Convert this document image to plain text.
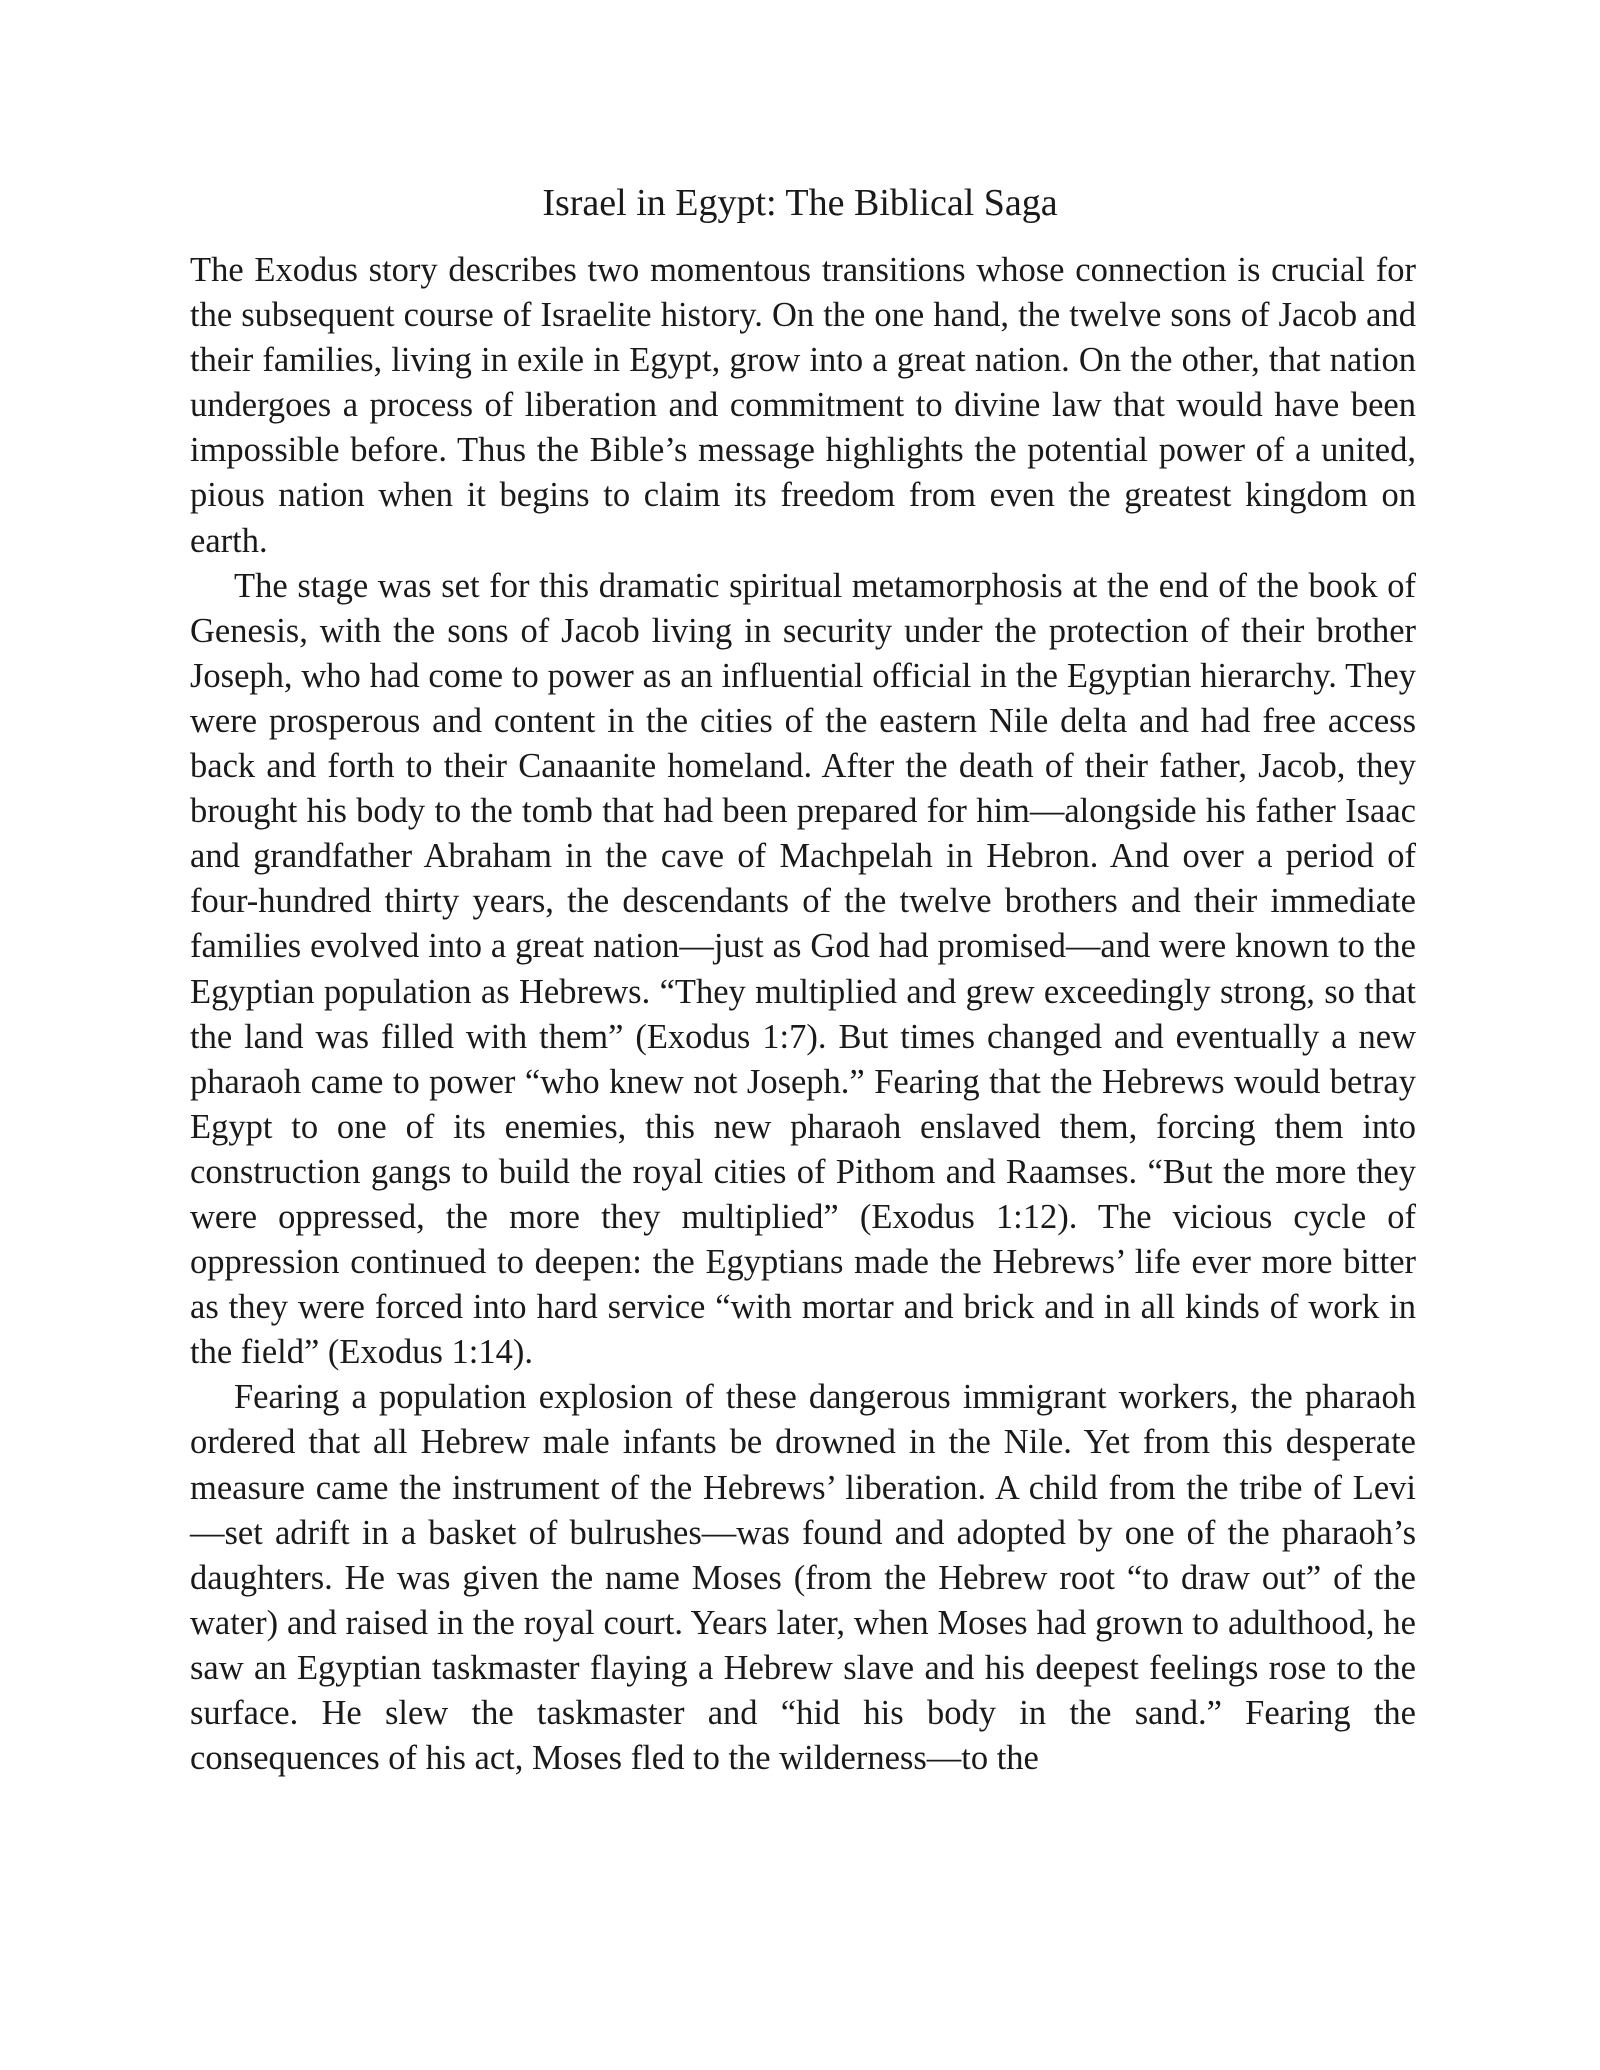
Israel in Egypt: The Biblical Saga

The Exodus story describes two momentous transitions whose connection is crucial for the subsequent course of Israelite history. On the one hand, the twelve sons of Jacob and their families, living in exile in Egypt, grow into a great nation. On the other, that nation undergoes a process of liberation and commitment to divine law that would have been impossible before. Thus the Bible’s message highlights the potential power of a united, pious nation when it begins to claim its freedom from even the greatest kingdom on earth.

The stage was set for this dramatic spiritual metamorphosis at the end of the book of Genesis, with the sons of Jacob living in security under the protection of their brother Joseph, who had come to power as an influential official in the Egyptian hierarchy. They were prosperous and content in the cities of the eastern Nile delta and had free access back and forth to their Canaanite homeland. After the death of their father, Jacob, they brought his body to the tomb that had been prepared for him—alongside his father Isaac and grandfather Abraham in the cave of Machpelah in Hebron. And over a period of four-hundred thirty years, the descendants of the twelve brothers and their immediate families evolved into a great nation—just as God had promised—and were known to the Egyptian population as Hebrews. “They multiplied and grew exceedingly strong, so that the land was filled with them” (Exodus 1:7). But times changed and eventually a new pharaoh came to power “who knew not Joseph.” Fearing that the Hebrews would betray Egypt to one of its enemies, this new pharaoh enslaved them, forcing them into construction gangs to build the royal cities of Pithom and Raamses. “But the more they were oppressed, the more they multiplied” (Exodus 1:12). The vicious cycle of oppression continued to deepen: the Egyptians made the Hebrews’ life ever more bitter as they were forced into hard service “with mortar and brick and in all kinds of work in the field” (Exodus 1:14).

Fearing a population explosion of these dangerous immigrant workers, the pharaoh ordered that all Hebrew male infants be drowned in the Nile. Yet from this desperate measure came the instrument of the Hebrews’ liberation. A child from the tribe of Levi—set adrift in a basket of bulrushes—was found and adopted by one of the pharaoh’s daughters. He was given the name Moses (from the Hebrew root “to draw out” of the water) and raised in the royal court. Years later, when Moses had grown to adulthood, he saw an Egyptian taskmaster flaying a Hebrew slave and his deepest feelings rose to the surface. He slew the taskmaster and “hid his body in the sand.” Fearing the consequences of his act, Moses fled to the wilderness—to the
